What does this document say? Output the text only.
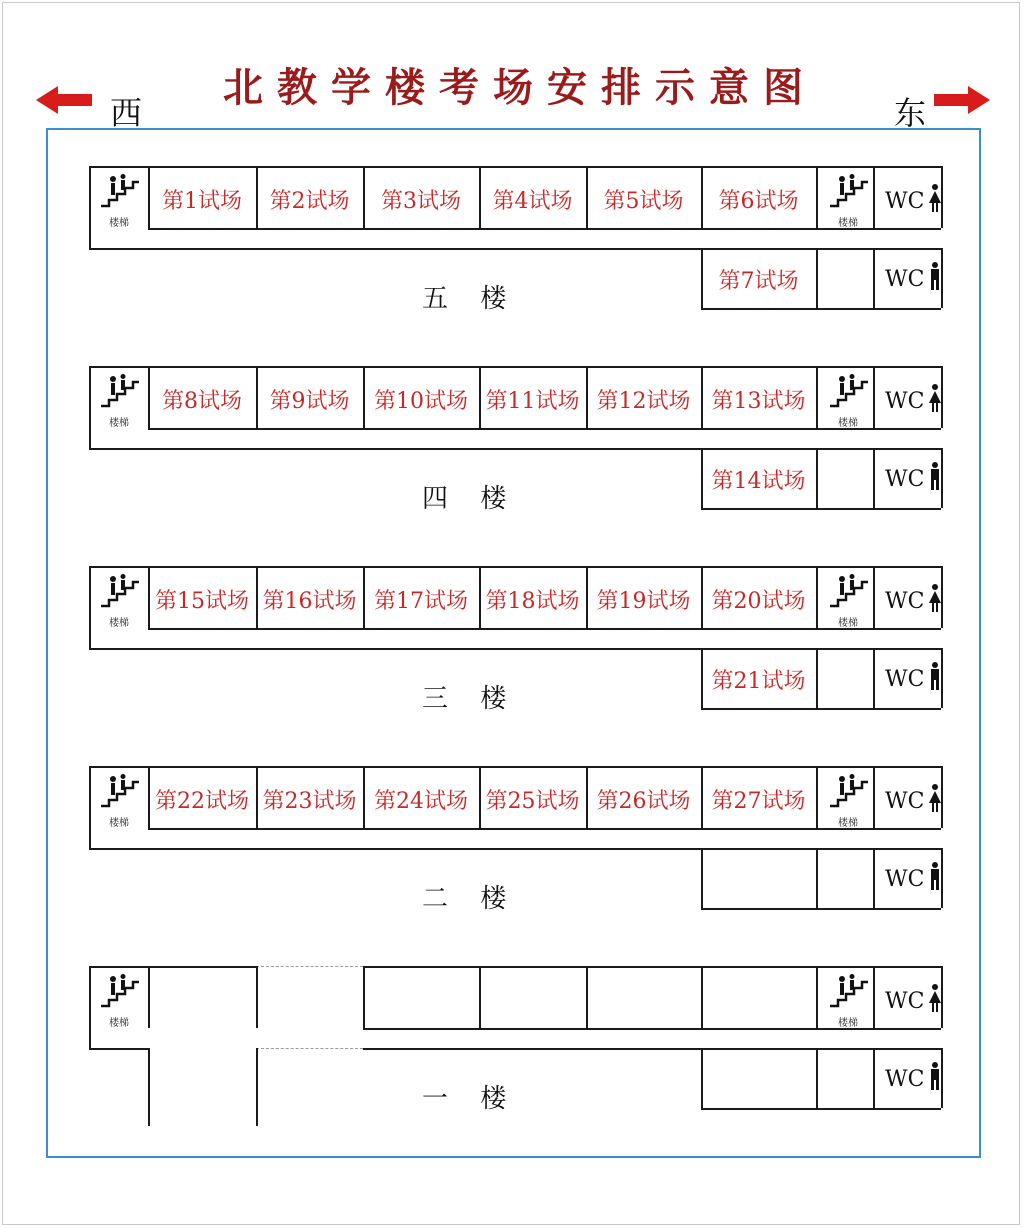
西
北教学楼考场安排示意图
东
楼梯	楼梯
WC
WC
第1试场	第2试场	第3试场	第4试场	第5试场	第6试场
第7试场
五 楼
楼梯	楼梯
WC
WC
第8试场	第9试场	第10试场 第11试场 第12试场 第13试场
第14试场
四 楼
楼梯	楼梯
WC
WC
第15试场 第16试场 第17试场 第18试场 第19试场 第20试场
第21试场
三 楼
楼梯	楼梯
WC
WC
第22试场 第23试场 第24试场 第25试场 第26试场 第27试场
二 楼
楼梯	楼梯
WC
WC
一 楼
